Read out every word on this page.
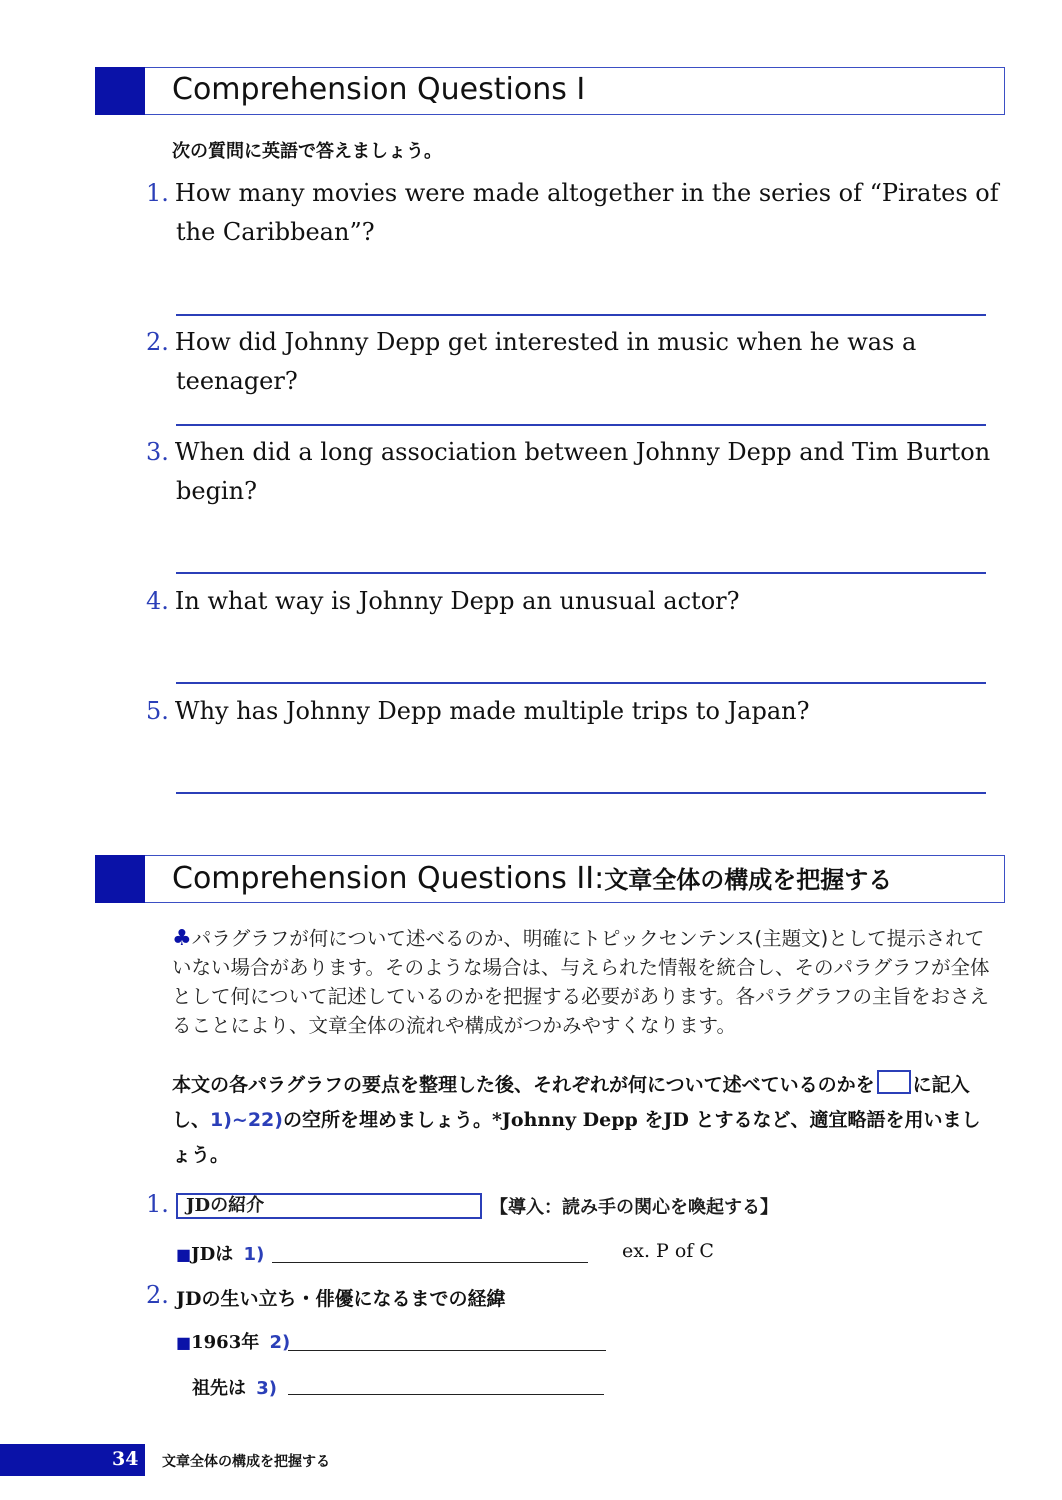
Comprehension Questions I
次の質問に英語で答えましょう。
1. How many movies were made altogether in the series of “Pirates of the Caribbean”?
2. How did Johnny Depp get interested in music when he was a teenager?
3. When did a long association between Johnny Depp and Tim Burton begin?
4. In what way is Johnny Depp an unusual actor?
5. Why has Johnny Depp made multiple trips to Japan?
Comprehension Questions II:文章全体の構成を把握する
♣パラグラフが何について述べるのか、明確にトピックセンテンス(主題文)として提示されていない場合があります。そのような場合は、与えられた情報を統合し、そのパラグラフが全体として何について記述しているのかを把握する必要があります。各パラグラフの主旨をおさえることにより、文章全体の流れや構成がつかみやすくなります。
本文の各パラグラフの要点を整理した後、それぞれが何について述べているのかを に記入し、1)~22)の空所を埋めましょう。*Johnny Depp をJD とするなど、適宜略語を用いましょう。
1. JDの紹介	【導入：読み手の関心を喚起する】
■JDは 1)	ex. P of C
2. JDの生い立ち・俳優になるまでの経緯
■1963年 2)
祖先は 3)
34 文章全体の構成を把握する
